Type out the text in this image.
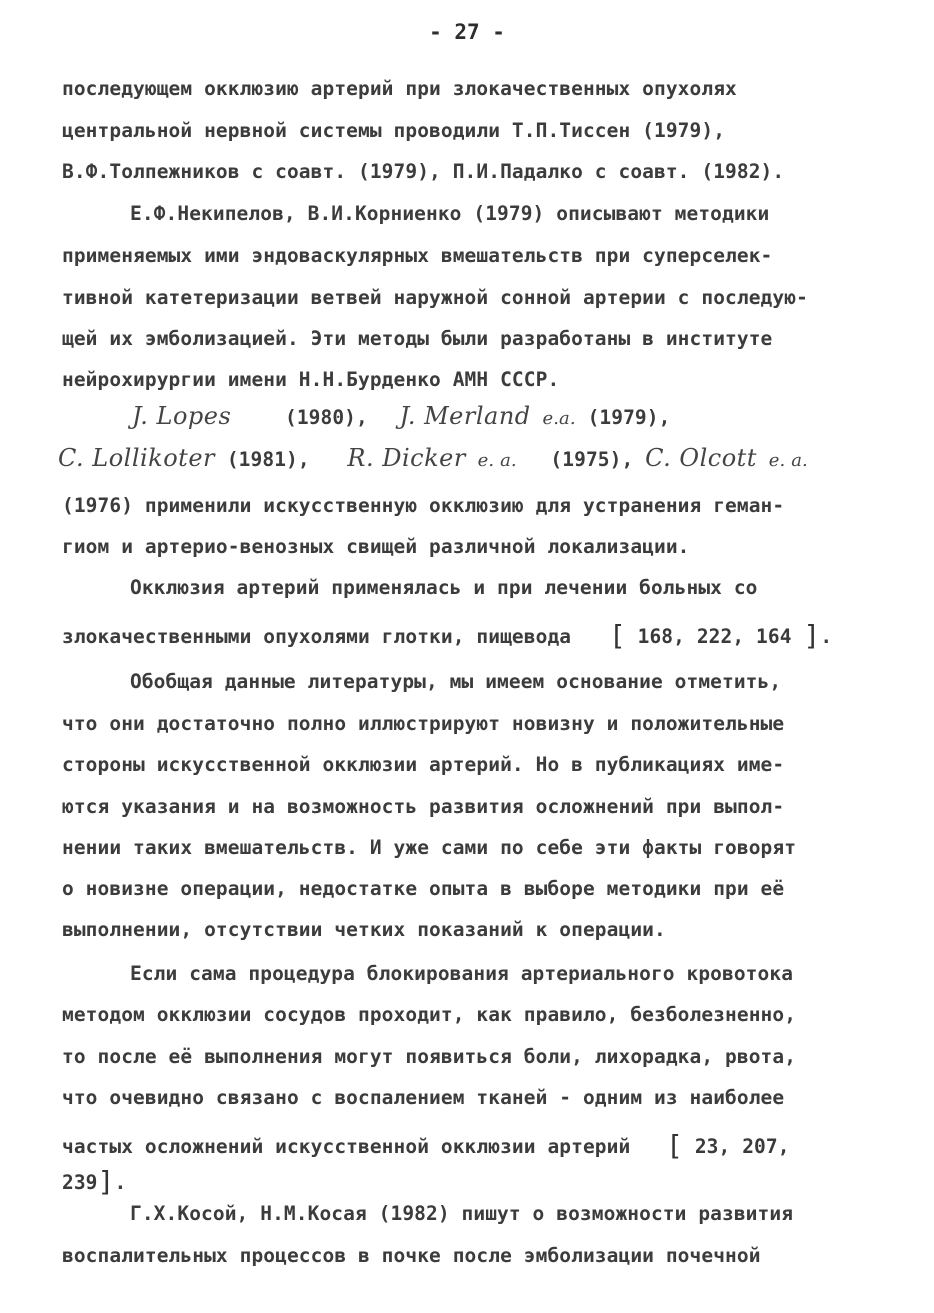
- 27 -
последующем окклюзию артерий при злокачественных опухолях
центральной нервной системы проводили Т.П.Тиссен (1979),
В.Ф.Толпежников с соавт. (1979), П.И.Падалко с соавт. (1982).
Е.Ф.Некипелов, В.И.Корниенко (1979) описывают методики
применяемых ими эндоваскулярных вмешательств при суперселек-
тивной катетеризации ветвей наружной сонной артерии с последую-
щей их эмболизацией. Эти методы были разработаны в институте
нейрохирургии имени Н.Н.Бурденко АМН СССР.
J. Lopes	(1980), J. Merland e.a. (1979),
C. Lollikoter (1981), R. Dicker e. a. (1975), C. Olcott e. a.
(1976) применили искусственную окклюзию для устранения геман-
гиом и артерио-венозных свищей различной локализации.
Окклюзия артерий применялась и при лечении больных со
злокачественными опухолями глотки, пищевода [ 168, 222, 164 ].
Обобщая данные литературы, мы имеем основание отметить,
что они достаточно полно иллюстрируют новизну и положительные
стороны искусственной окклюзии артерий. Но в публикациях име-
ются указания и на возможность развития осложнений при выпол-
нении таких вмешательств. И уже сами по себе эти факты говорят
о новизне операции, недостатке опыта в выборе методики при её
выполнении, отсутствии четких показаний к операции.
Если сама процедура блокирования артериального кровотока
методом окклюзии сосудов проходит, как правило, безболезненно,
то после её выполнения могут появиться боли, лихорадка, рвота,
что очевидно связано с воспалением тканей - одним из наиболее
частых осложнений искусственной окклюзии артерий [ 23, 207,
239].
Г.Х.Косой, Н.М.Косая (1982) пишут о возможности развития
воспалительных процессов в почке после эмболизации почечной
